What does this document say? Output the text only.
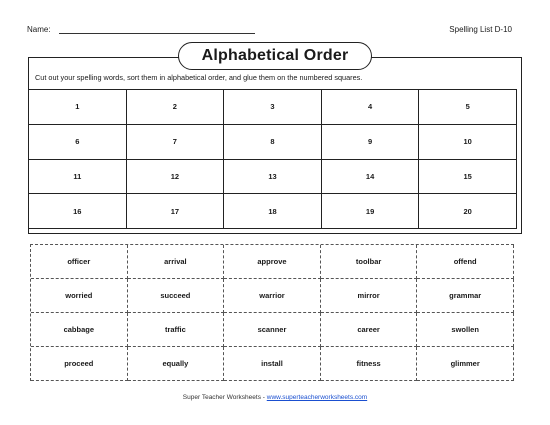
Name:	Spelling List D-10
Alphabetical Order
Cut out your spelling words, sort them in alphabetical order, and glue them on the numbered squares.
1	2	3	4	5
6	7	8	9	10
11	12	13	14	15
16	17	18	19	20
officer	arrival	approve	toolbar	offend
worried	succeed	warrior	mirror	grammar
cabbage	traffic	scanner	career	swollen
proceed	equally	install	fitness	glimmer
Super Teacher Worksheets - www.superteacherworksheets.com
